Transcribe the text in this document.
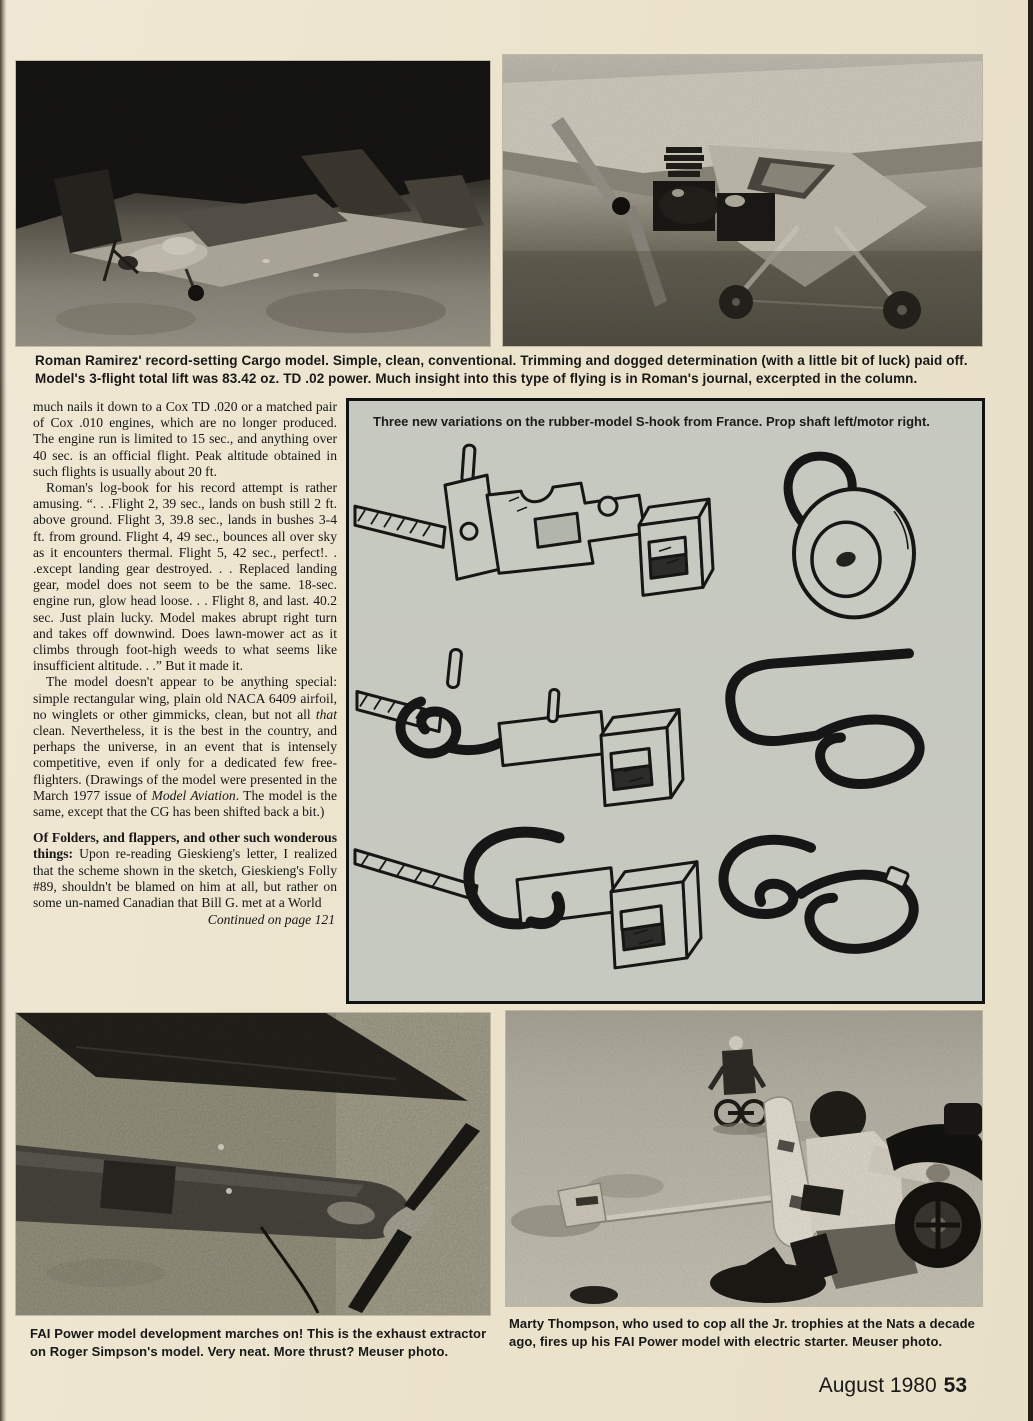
Roman Ramirez' record-setting Cargo model. Simple, clean, conventional. Trimming and dogged determination (with a little bit of luck) paid off. Model's 3-flight total lift was 83.42 oz. TD .02 power. Much insight into this type of flying is in Roman's journal, excerpted in the column.

much nails it down to a Cox TD .020 or a matched pair of Cox .010 engines, which are no longer produced. The engine run is limited to 15 sec., and anything over 40 sec. is an official flight. Peak altitude obtained in such flights is usually about 20 ft.

Roman's log-book for his record attempt is rather amusing. “. . .Flight 2, 39 sec., lands on bush still 2 ft. above ground. Flight 3, 39.8 sec., lands in bushes 3-4 ft. from ground. Flight 4, 49 sec., bounces all over sky as it encounters thermal. Flight 5, 42 sec., perfect!. . .except landing gear destroyed. . . Replaced landing gear, model does not seem to be the same. 18-sec. engine run, glow head loose. . . Flight 8, and last. 40.2 sec. Just plain lucky. Model makes abrupt right turn and takes off downwind. Does lawn-mower act as it climbs through foot-high weeds to what seems like insufficient altitude. . .” But it made it.

The model doesn't appear to be anything special: simple rectangular wing, plain old NACA 6409 airfoil, no winglets or other gimmicks, clean, but not all that clean. Nevertheless, it is the best in the country, and perhaps the universe, in an event that is intensely competitive, even if only for a dedicated few free-flighters. (Drawings of the model were presented in the March 1977 issue of Model Aviation. The model is the same, except that the CG has been shifted back a bit.)

Of Folders, and flappers, and other such wonderous things: Upon re-reading Gieskieng's letter, I realized that the scheme shown in the sketch, Gieskieng's Folly #89, shouldn't be blamed on him at all, but rather on some un-named Canadian that Bill G. met at a World

Continued on page 121
Three new variations on the rubber-model S-hook from France. Prop shaft left/motor right.
FAI Power model development marches on! This is the exhaust extractor on Roger Simpson's model. Very neat. More thrust? Meuser photo.
Marty Thompson, who used to cop all the Jr. trophies at the Nats a decade ago, fires up his FAI Power model with electric starter. Meuser photo.
August 1980 53
